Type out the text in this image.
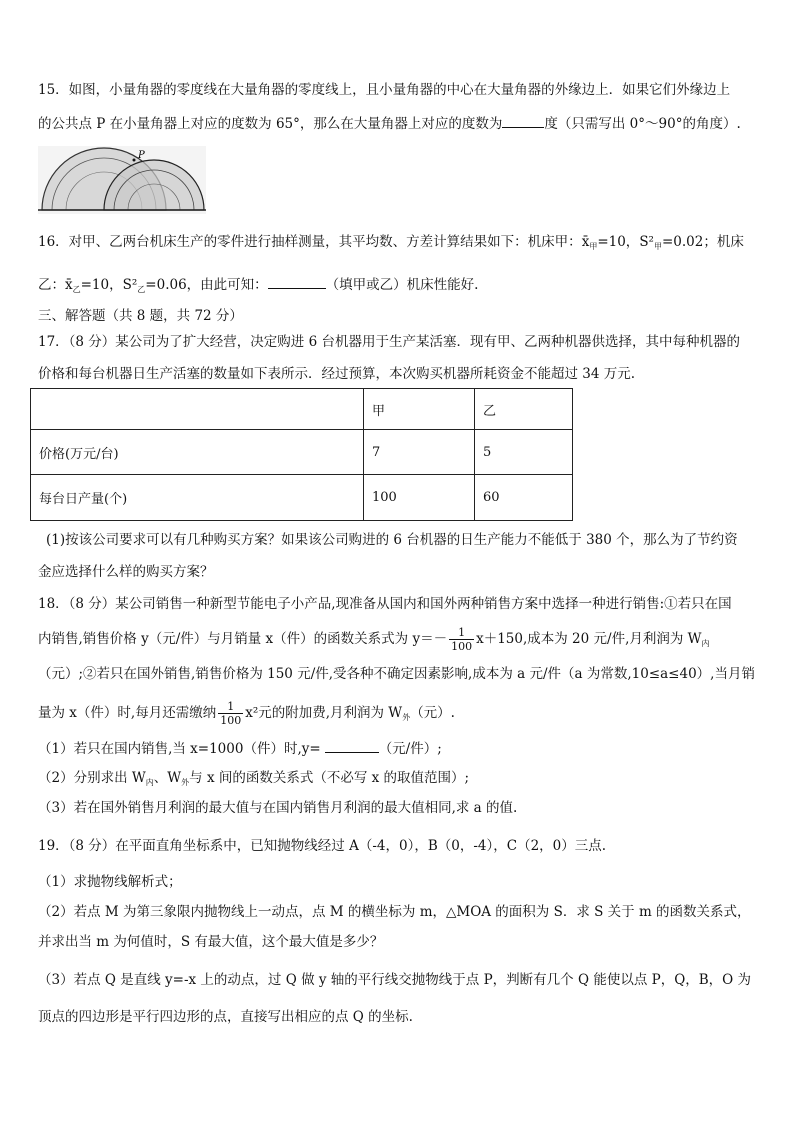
15．如图，小量角器的零度线在大量角器的零度线上，且小量角器的中心在大量角器的外缘边上．如果它们外缘边上
的公共点 P 在小量角器上对应的度数为 65°，那么在大量角器上对应的度数为	度（只需写出 0°～90°的角度）.
P
16．对甲、乙两台机床生产的零件进行抽样测量，其平均数、方差计算结果如下：机床甲：$x̄_甲=10$，$S^2_甲=0.02$；机床
乙：$x̄_乙=10$，$S^2_乙=0.06$，由此可知：	（填甲或乙）机床性能好.
三、解答题（共 8 题，共 72 分）
17．（8 分）某公司为了扩大经营，决定购进 6 台机器用于生产某活塞．现有甲、乙两种机器供选择，其中每种机器的
价格和每台机器日生产活塞的数量如下表所示．经过预算，本次购买机器所耗资金不能超过 34 万元.
	甲	乙
价格(万元/台)	7	5
每台日产量(个)	100	60
(1)按该公司要求可以有几种购买方案？如果该公司购进的 6 台机器的日生产能力不能低于 380 个，那么为了节约资
金应选择什么样的购买方案？
18．（8 分）某公司销售一种新型节能电子小产品,现准备从国内和国外两种销售方案中选择一种进行销售:①若只在国
内销售,销售价格 y（元/件）与月销量 x（件）的函数关系式为 $y=- \frac{1}{100} x+150$,成本为 20 元/件,月利润为 $W_内$
（元）;②若只在国外销售,销售价格为 150 元/件,受各种不确定因素影响,成本为 a 元/件（a 为常数,10≤a≤40）,当月销
量为 x（件）时,每月还需缴纳 $\frac{1}{100} x^2$元的附加费,月利润为 $W_外$（元）.
（1）若只在国内销售,当 x=1000（件）时,y=	（元/件）;
（2）分别求出 $W_内$、$W_外$与 x 间的函数关系式（不必写 x 的取值范围）;
（3）若在国外销售月利润的最大值与在国内销售月利润的最大值相同,求 a 的值.
19．（8 分）在平面直角坐标系中，已知抛物线经过 A（-4，0），B（0，-4），C（2，0）三点.
（1）求抛物线解析式；
（2）若点 M 为第三象限内抛物线上一动点，点 M 的横坐标为 m，△MOA 的面积为 S．求 S 关于 m 的函数关系式，
并求出当 m 为何值时，S 有最大值，这个最大值是多少？
（3）若点 Q 是直线 y=-x 上的动点，过 Q 做 y 轴的平行线交抛物线于点 P，判断有几个 Q 能使以点 P，Q，B，O 为
顶点的四边形是平行四边形的点，直接写出相应的点 Q 的坐标.
